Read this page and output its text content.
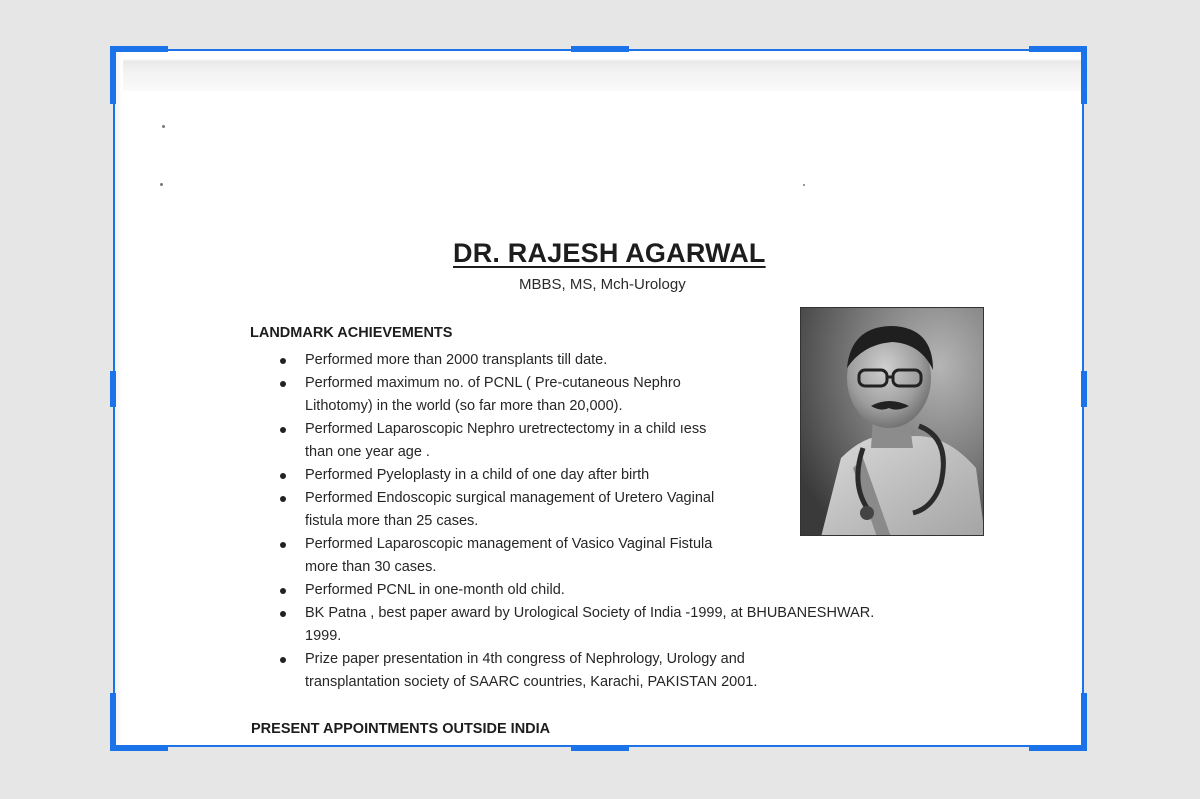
DR. RAJESH AGARWAL
MBBS, MS, Mch-Urology
LANDMARK ACHIEVEMENTS
Performed more than 2000 transplants till date.
Performed maximum no. of PCNL ( Pre-cutaneous Nephro
Lithotomy) in the world (so far more than 20,000).
Performed Laparoscopic Nephro uretrectectomy in a child ıess
than one year age .
Performed Pyeloplasty in a child of one day after birth
Performed Endoscopic surgical management of Uretero Vaginal
fistula more than 25 cases.
Performed Laparoscopic management of Vasico Vaginal Fistula
more than 30 cases.
Performed PCNL in one-month old child.
BK Patna , best paper award by Urological Society of India -1999, at BHUBANESHWAR.
1999.
Prize paper presentation in 4th congress of Nephrology, Urology and
transplantation society of SAARC countries, Karachi, PAKISTAN 2001.
PRESENT APPOINTMENTS OUTSIDE INDIA
